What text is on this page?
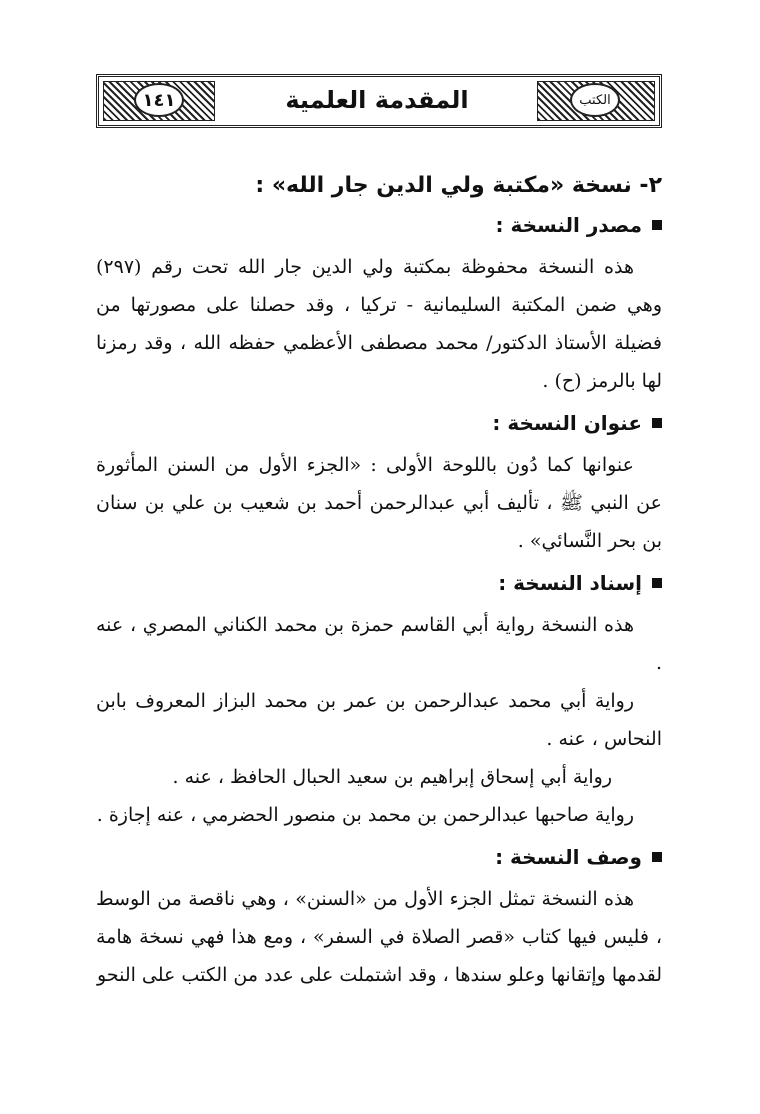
١٤١	المقدمة العلمية	الكتب
٢- نسخة «مكتبة ولي الدين جار الله» :
مصدر النسخة :

هذه النسخة محفوظة بمكتبة ولي الدين جار الله تحت رقم (٢٩٧) وهي ضمن المكتبة السليمانية - تركيا ، وقد حصلنا على مصورتها من فضيلة الأستاذ الدكتور/ محمد مصطفى الأعظمي حفظه الله ، وقد رمزنا لها بالرمز (ح) .

عنوان النسخة :

عنوانها كما دُون باللوحة الأولى : «الجزء الأول من السنن المأثورة عن النبي ﷺ ، تأليف أبي عبدالرحمن أحمد بن شعيب بن علي بن سنان بن بحر النَّسائي» .

إسناد النسخة :

هذه النسخة رواية أبي القاسم حمزة بن محمد الكناني المصري ، عنه .

رواية أبي محمد عبدالرحمن بن عمر بن محمد البزاز المعروف بابن النحاس ، عنه .

رواية أبي إسحاق إبراهيم بن سعيد الحبال الحافظ ، عنه .

رواية صاحبها عبدالرحمن بن محمد بن منصور الحضرمي ، عنه إجازة .

وصف النسخة :

هذه النسخة تمثل الجزء الأول من «السنن» ، وهي ناقصة من الوسط ، فليس فيها كتاب «قصر الصلاة في السفر» ، ومع هذا فهي نسخة هامة لقدمها وإتقانها وعلو سندها ، وقد اشتملت على عدد من الكتب على النحو
